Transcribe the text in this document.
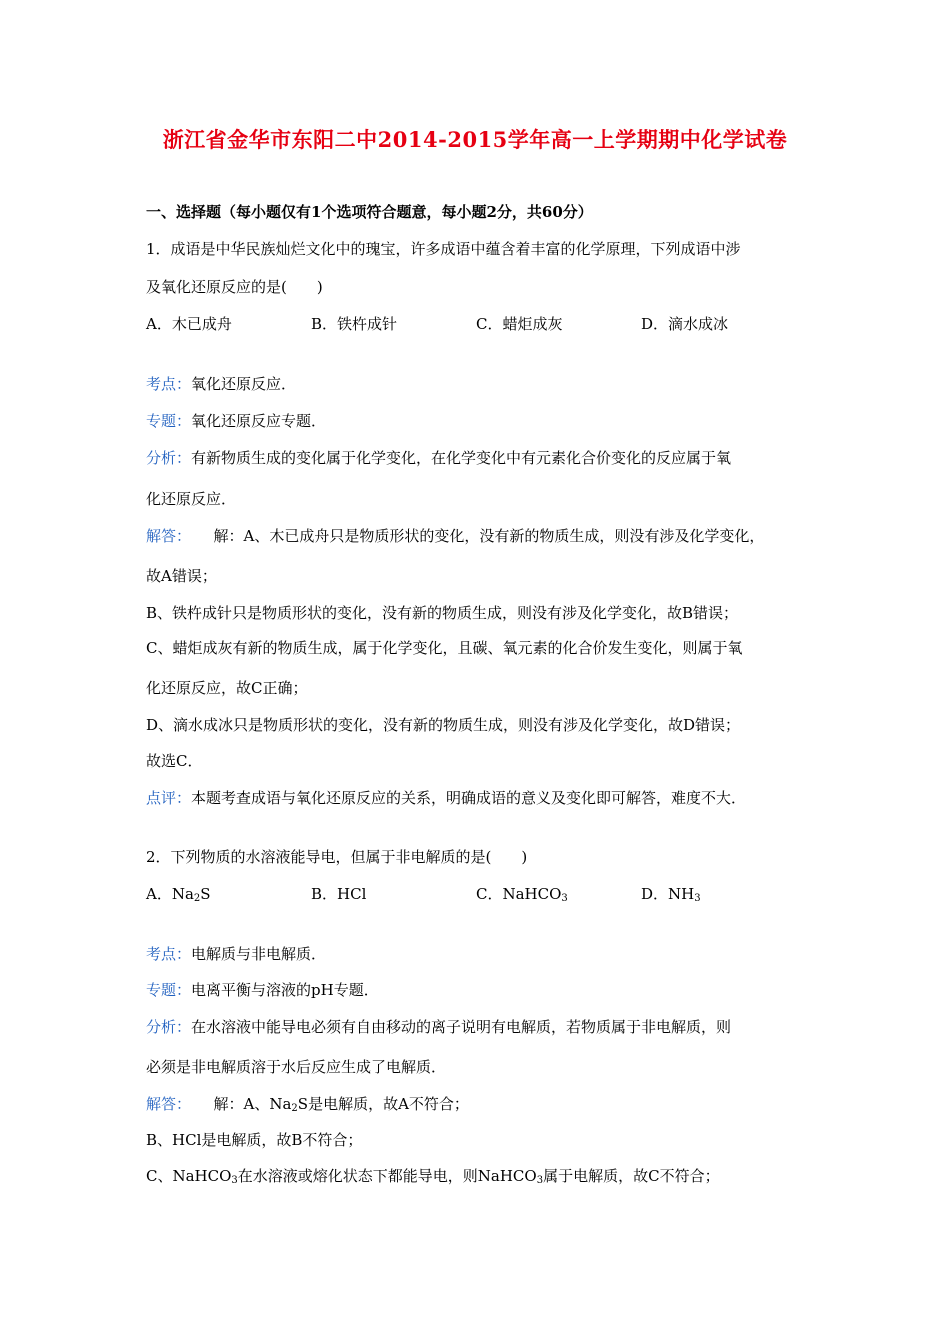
浙江省金华市东阳二中2014-2015学年高一上学期期中化学试卷
一、选择题（每小题仅有1个选项符合题意，每小题2分，共60分）
1．成语是中华民族灿烂文化中的瑰宝，许多成语中蕴含着丰富的化学原理，下列成语中涉
及氧化还原反应的是(　　)
A．木已成舟	B．铁杵成针	C．蜡炬成灰	D．滴水成冰
考点：氧化还原反应．
专题：氧化还原反应专题．
分析：有新物质生成的变化属于化学变化，在化学变化中有元素化合价变化的反应属于氧
化还原反应．
解答：　　解：A、木已成舟只是物质形状的变化，没有新的物质生成，则没有涉及化学变化，
故A错误；
B、铁杵成针只是物质形状的变化，没有新的物质生成，则没有涉及化学变化，故B错误；
C、蜡炬成灰有新的物质生成，属于化学变化，且碳、氧元素的化合价发生变化，则属于氧
化还原反应，故C正确；
D、滴水成冰只是物质形状的变化，没有新的物质生成，则没有涉及化学变化，故D错误；
故选C．
点评：本题考查成语与氧化还原反应的关系，明确成语的意义及变化即可解答，难度不大．
2．下列物质的水溶液能导电，但属于非电解质的是(　　)
A．$Na_2S$	B．HCl	C．NaHCO$_3$	D．$NH_3$
考点：电解质与非电解质．
专题：电离平衡与溶液的pH专题．
分析：在水溶液中能导电必须有自由移动的离子说明有电解质，若物质属于非电解质，则
必须是非电解质溶于水后反应生成了电解质．
解答：　　解：A、$Na_2S$是电解质，故A不符合；
B、HCl是电解质，故B不符合；
C、NaHCO$_3$在水溶液或熔化状态下都能导电，则NaHCO$_3$属于电解质，故C不符合；
